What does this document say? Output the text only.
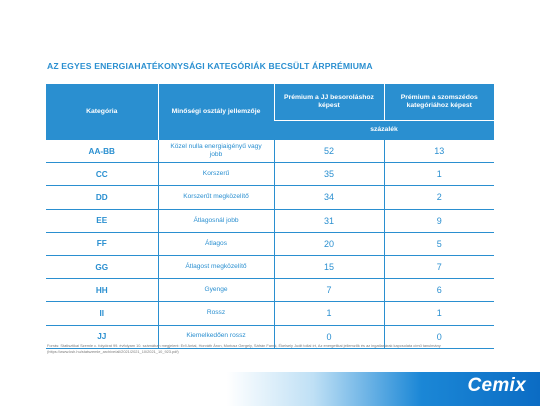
AZ EGYES ENERGIAHATÉKONYSÁGI KATEGÓRIÁK BECSÜLT ÁRPRÉMIUMA
Kategória	Minőségi osztály jellemzője	Prémium a JJ besoroláshoz képest	Prémium a szomszédos kategóriához képest
		százalék	
AA-BB	Közel nulla energiaigényű vagy jobb	52	13
CC	Korszerű	35	1
DD	Korszerűt megközelítő	34	2
EE	Átlagosnál jobb	31	9
FF	Átlagos	20	5
GG	Átlagost megközelítő	15	7
HH	Gyenge	7	6
II	Rossz	1	1
JJ	Kiemelkedően rossz	0	0
Forrás: Statisztikai Szemle c. folyóirat 99. évfolyam 10. számában megjelent: Erő Antal, Horváth Áron, Moriusz Gergely, Sáfrán Farmi, Ékelsely Judit tollal írt, Az energetikai jellemzők és az ingatlanárak kapcsolata című tanulmány (https://www.ksh.hu/statszemle_archive/all/2021/2021_10/2021_10_923.pdf)
Cemix
